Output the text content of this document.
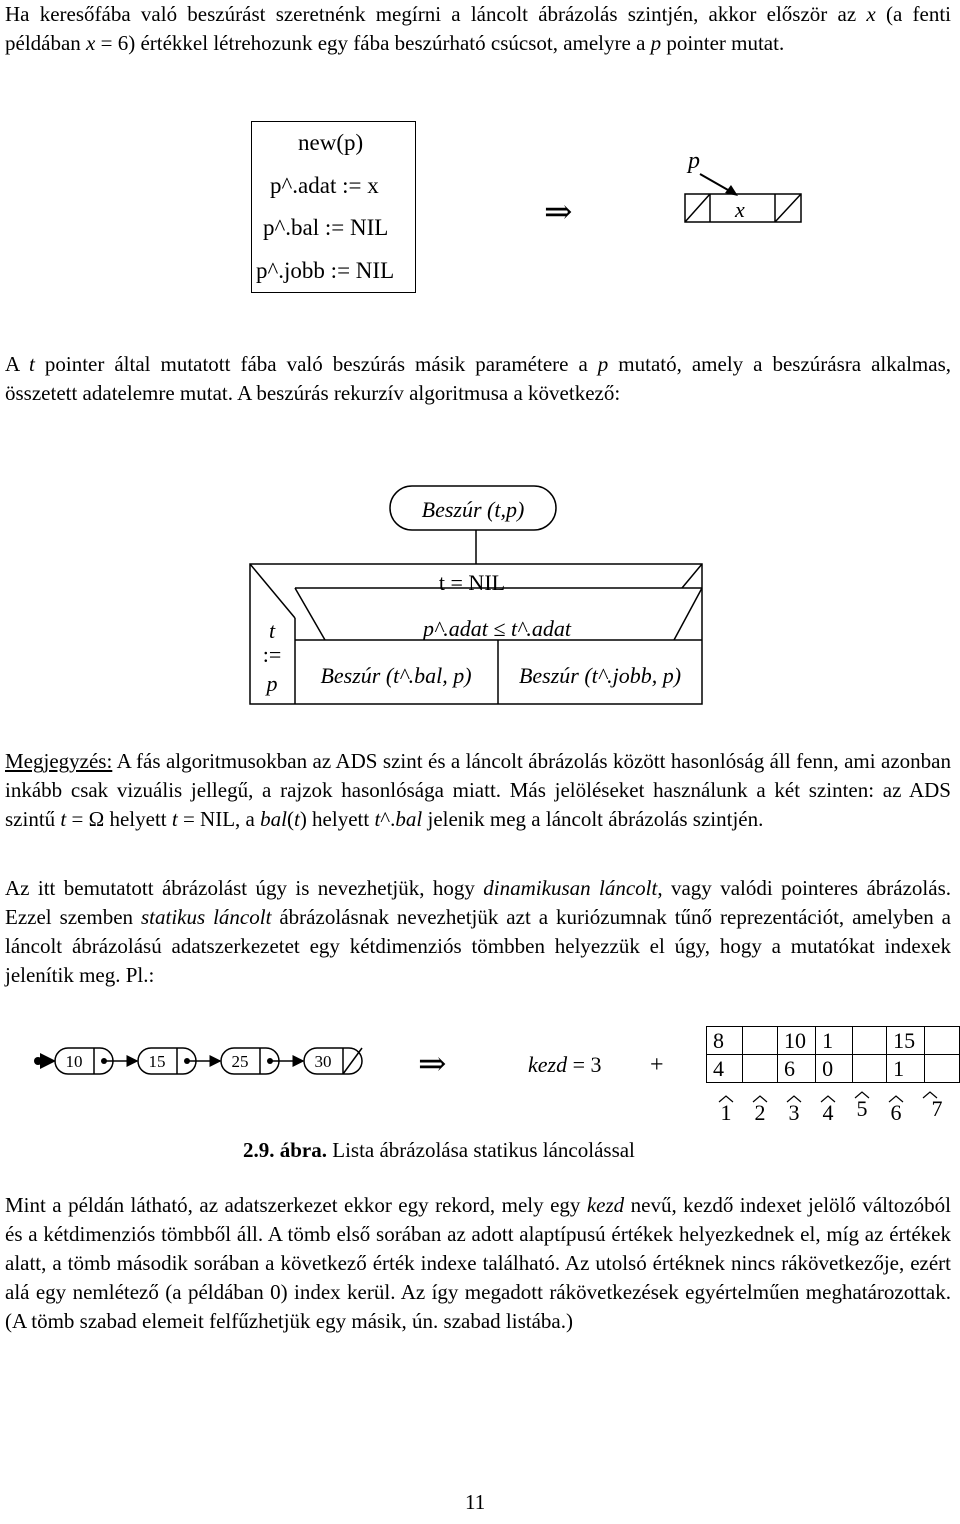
Ha keresőfába való beszúrást szeretnénk megírni a láncolt ábrázolás szintjén, akkor először az x (a fenti példában x = 6) értékkel létrehozunk egy fába beszúrható csúcsot, amelyre a p pointer mutat.

new(p)
p^.adat := x
p^.bal := NIL
p^.jobb := NIL
⇒
p
x

A t pointer által mutatott fába való beszúrás másik paramétere a p mutató, amely a beszúrásra alkalmas, összetett adatelemre mutat. A beszúrás rekurzív algoritmusa a következő:

Beszúr (t,p)
t = NIL
t
:=
p
p^.adat ≤ t^.adat
Beszúr (t^.bal, p) Beszúr (t^.jobb, p)

Megjegyzés: A fás algoritmusokban az ADS szint és a láncolt ábrázolás között hasonlóság áll fenn, ami azonban inkább csak vizuális jellegű, a rajzok hasonlósága miatt. Más jelöléseket használunk a két szinten: az ADS szintű t = Ω helyett t = NIL, a bal(t) helyett t^.bal jelenik meg a láncolt ábrázolás szintjén.

Az itt bemutatott ábrázolást úgy is nevezhetjük, hogy dinamikusan láncolt, vagy valódi pointeres ábrázolás. Ezzel szemben statikus láncolt ábrázolásnak nevezhetjük azt a kuriózumnak tűnő reprezentációt, amelyben a láncolt ábrázolású adatszerkezetet egy kétdimenziós tömbben helyezzük el úgy, hogy a mutatókat indexek jelenítik meg. Pl.:

10	15	25	30	⇒	kezd = 3 +
8		10	1		15	
4		6	0		1	
1 2 3 4 5 6 7
2.9. ábra. Lista ábrázolása statikus láncolással

Mint a példán látható, az adatszerkezet ekkor egy rekord, mely egy kezd nevű, kezdő indexet jelölő változóból és a kétdimenziós tömbből áll. A tömb első sorában az adott alaptípusú értékek helyezkednek el, míg az értékek alatt, a tömb második sorában a következő érték indexe található. Az utolsó értéknek nincs rákövetkezője, ezért alá egy nemlétező (a példában 0) index kerül. Az így megadott rákövetkezések egyértelműen meghatározottak. (A tömb szabad elemeit felfűzhetjük egy másik, ún. szabad listába.)

11
